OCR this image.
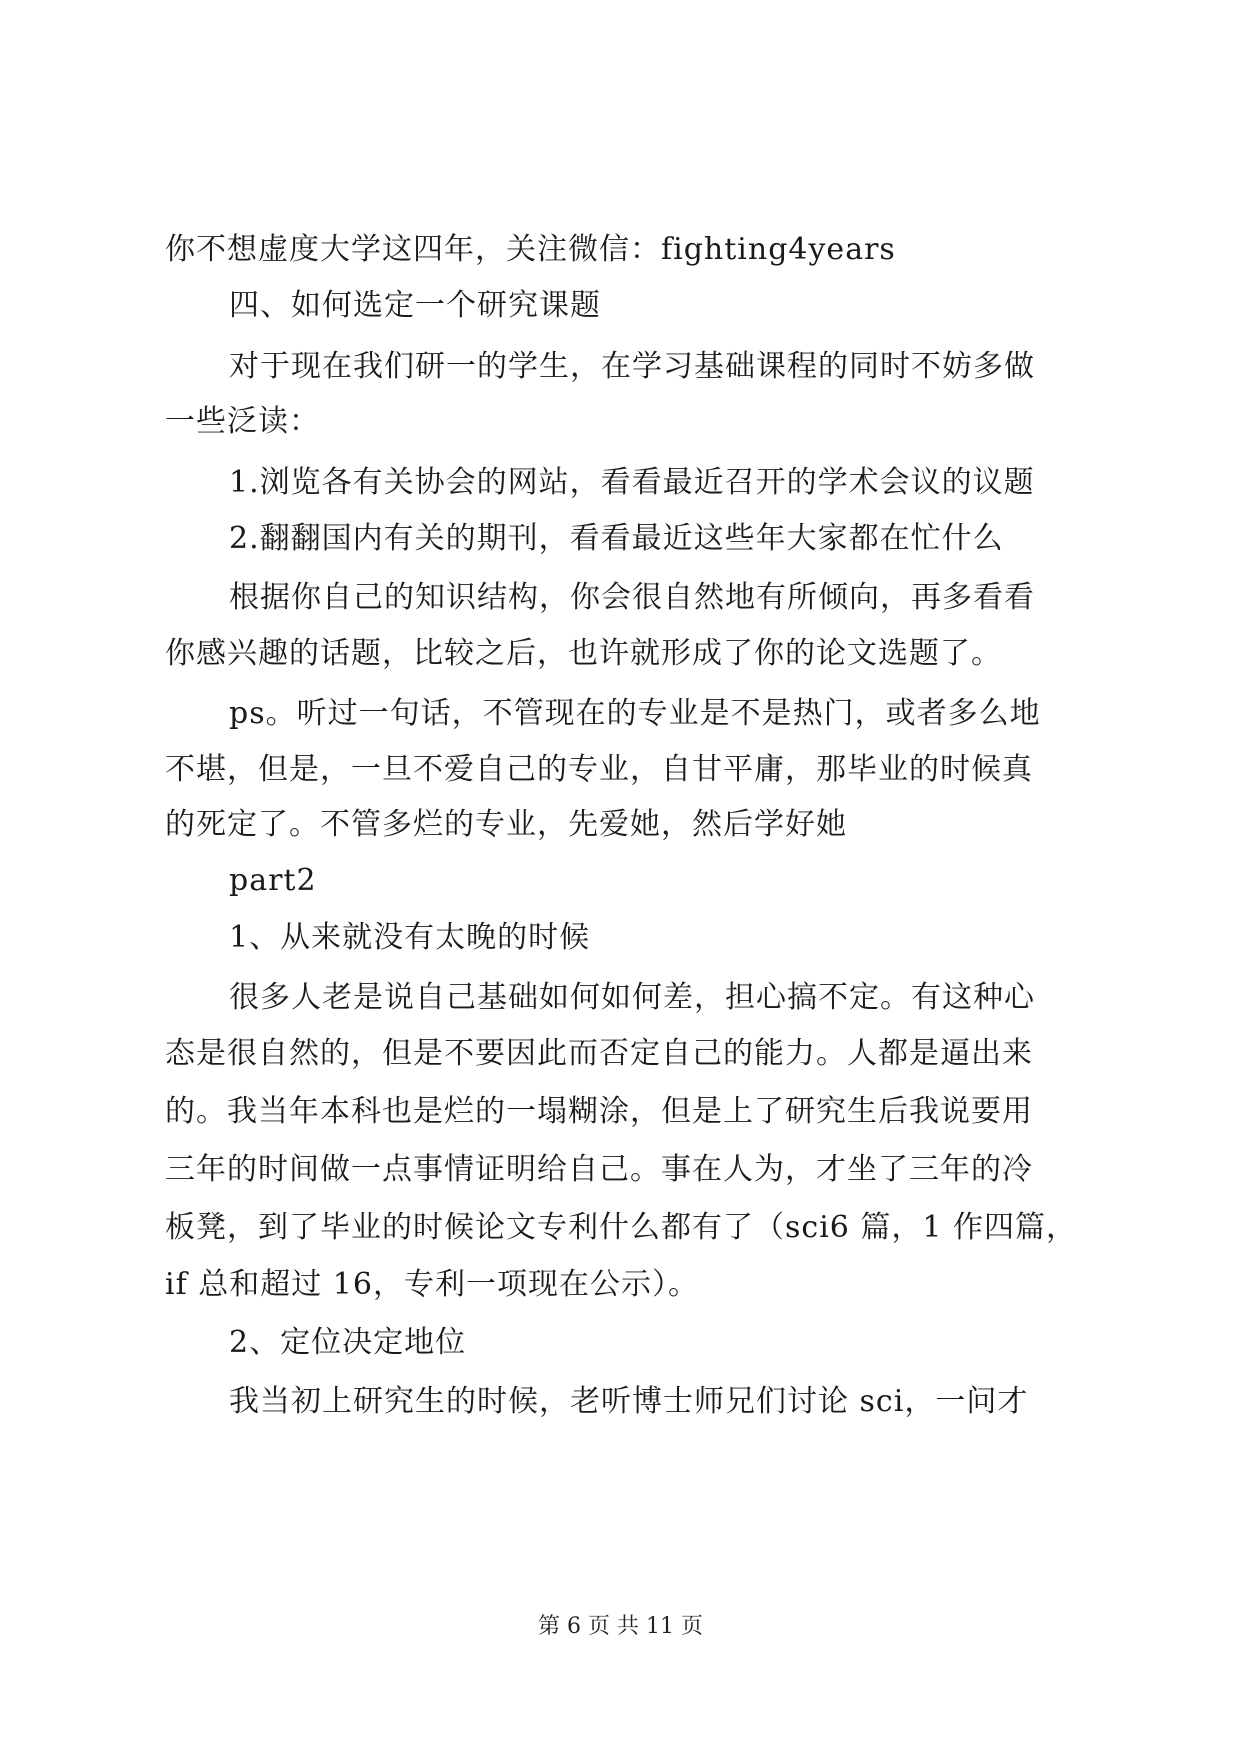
你不想虚度大学这四年，关注微信：fighting4years
四、如何选定一个研究课题
对于现在我们研一的学生，在学习基础课程的同时不妨多做
一些泛读：
1.浏览各有关协会的网站，看看最近召开的学术会议的议题
2.翻翻国内有关的期刊，看看最近这些年大家都在忙什么
根据你自己的知识结构，你会很自然地有所倾向，再多看看
你感兴趣的话题，比较之后，也许就形成了你的论文选题了。
ps。听过一句话，不管现在的专业是不是热门，或者多么地
不堪，但是，一旦不爱自己的专业，自甘平庸，那毕业的时候真
的死定了。不管多烂的专业，先爱她，然后学好她
part2
1、从来就没有太晚的时候
很多人老是说自己基础如何如何差，担心搞不定。有这种心
态是很自然的，但是不要因此而否定自己的能力。人都是逼出来
的。我当年本科也是烂的一塌糊涂，但是上了研究生后我说要用
三年的时间做一点事情证明给自己。事在人为，才坐了三年的冷
板凳，到了毕业的时候论文专利什么都有了（sci6 篇，1 作四篇，
if 总和超过 16，专利一项现在公示）。
2、定位决定地位
我当初上研究生的时候，老听博士师兄们讨论 sci，一问才
第 6 页 共 11 页
